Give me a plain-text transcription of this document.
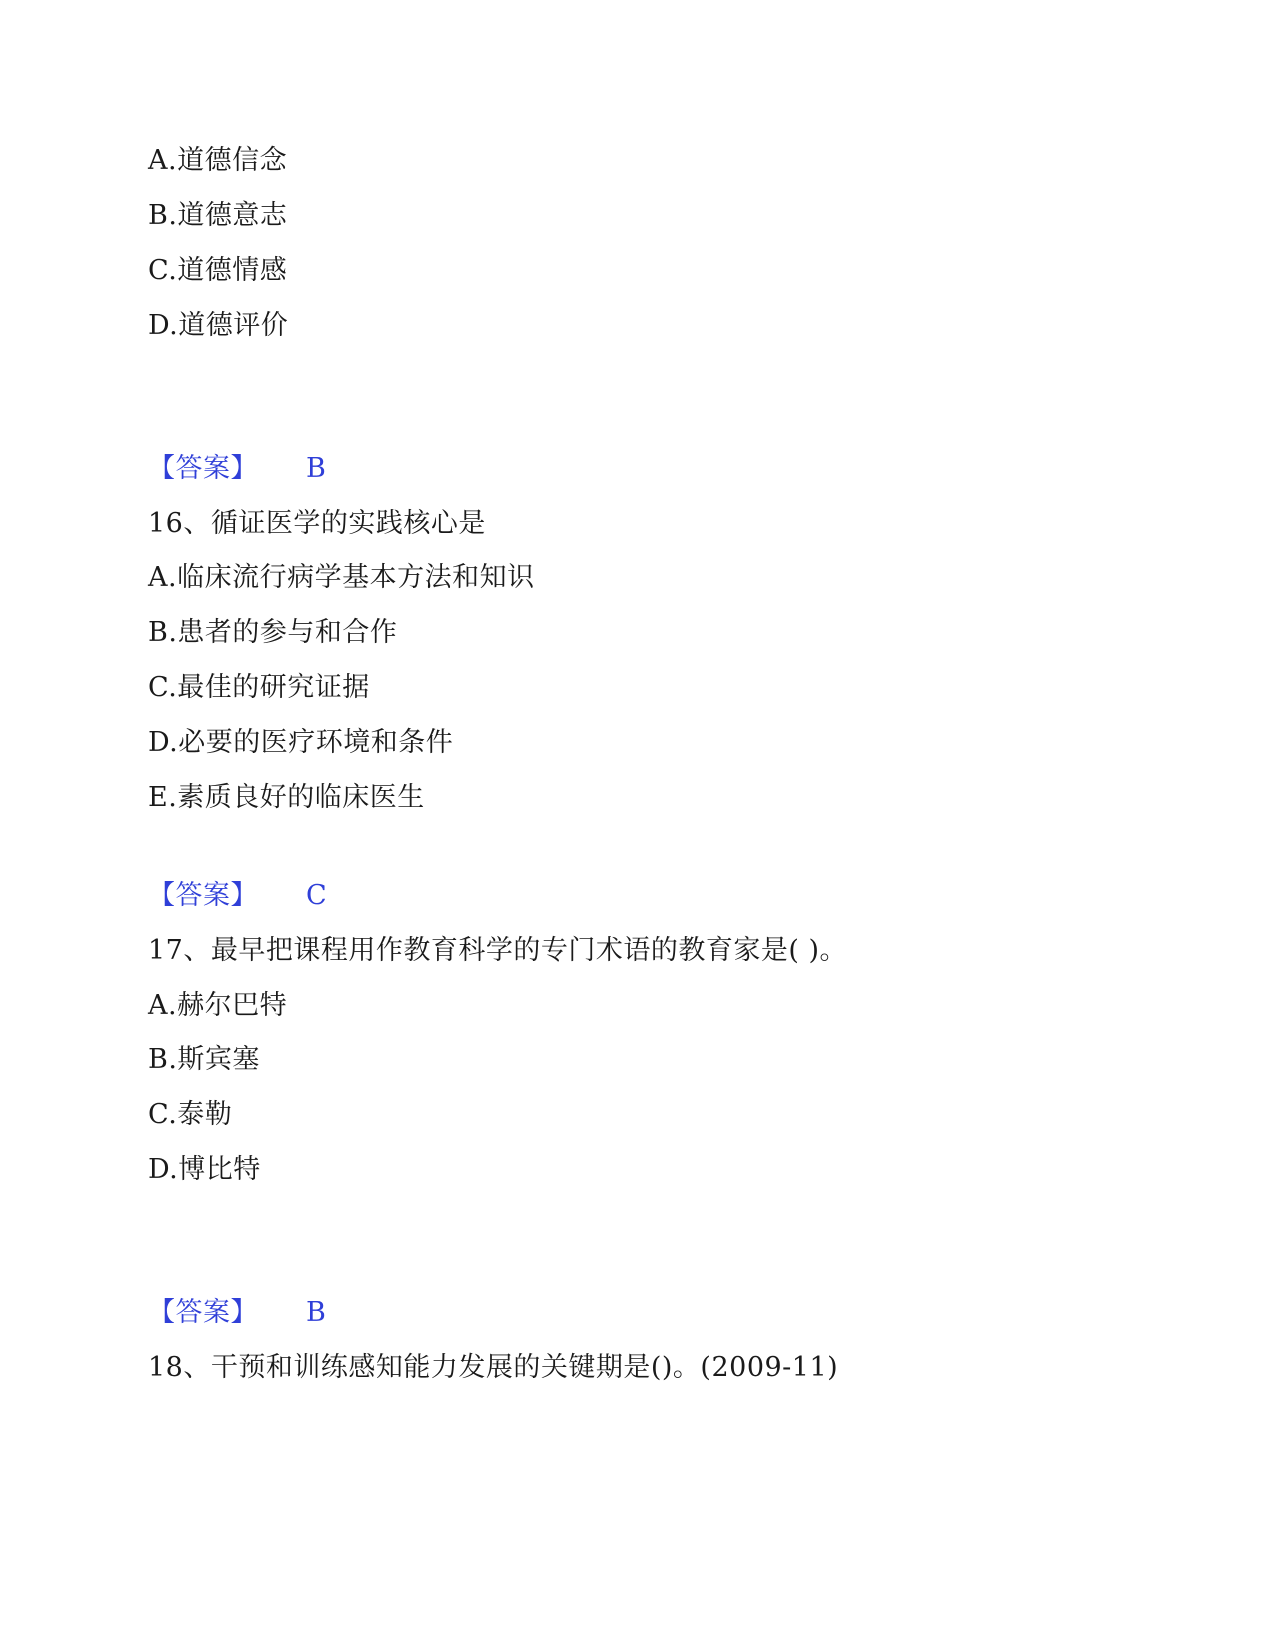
A.道德信念
B.道德意志
C.道德情感
D.道德评价
【答案】 B
16、循证医学的实践核心是
A.临床流行病学基本方法和知识
B.患者的参与和合作
C.最佳的研究证据
D.必要的医疗环境和条件
E.素质良好的临床医生
【答案】 C
17、最早把课程用作教育科学的专门术语的教育家是( )。
A.赫尔巴特
B.斯宾塞
C.泰勒
D.博比特
【答案】 B
18、干预和训练感知能力发展的关键期是()。(2009-11)
